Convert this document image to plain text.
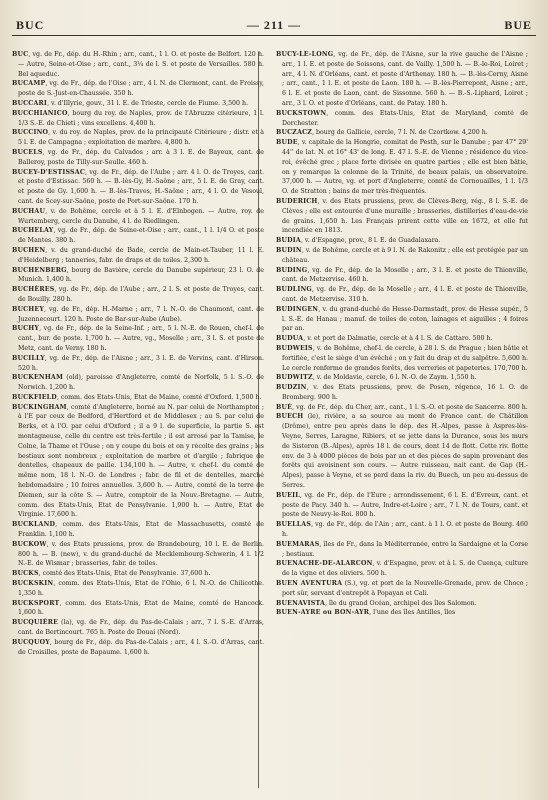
BUC	— 211 —	BUE

BUC, vg. de Fr., dép. du H.-Rhin ; arr., cant., 1 l. O. et poste de Belfort. 120 h. — Autre, Seine-et-Oise ; arr., cant., 3¼ de l. S. et poste de Versailles. 580 h. Bel aqueduc.

BUCAMP, vg. de Fr., dép. de l'Oise ; arr., 4 l. N. de Clermont, cant. de Froissy, poste de S.-Just-en-Chaussée. 350 h.

BUCCARI, v. d'Illyrie, gouv., 31 l. E. de Trieste, cercle de Fiume. 3,500 h.

BUCCHIANICO, bourg du roy. de Naples, prov. de l'Abruzze citérieure, 1 l. 1/3 S.-E. de Chieti ; vins excellens. 4,400 h.

BUCCINO, v. du roy. de Naples, prov. de la principauté Citérieure ; distr. et à 5 l. E. de Campagna ; exploitation de marbre. 4,800 h.

BUCELS, vg. de Fr., dép. du Calvados ; arr. à 3 l. E. de Bayeux, cant. de Balleroy, poste de Tilly-sur-Seulle. 460 h.

BUCEY-D'ESTISSAC, vg. de Fr., dép. de l'Aube ; arr. 4 l. O. de Troyes, cant. et poste d'Estissac. 560 h. — B.-lès-Gy, H.-Saône ; arr., 5 l. E. de Gray, cant. et poste de Gy. 1,600 h. — B.-lès-Traves, H.-Saône ; arr., 4 l. O. de Vesoul, cant. de Scey-sur-Saône, poste de Port-sur-Saône. 170 h.

BUCHAU, v. de Bohême, cercle et à 5 l. E. d'Elnbogen. — Autre, roy. de Wurtemberg, cercle du Danube, 4 l. de Riedlingen.

BUCHELAY, vg. de Fr., dép. de Seine-et-Oise ; arr., cant., 1 l. 1/4 O. et poste de Mantes. 380 h.

BUCHEN, v. du grand-duché de Bade, cercle de Main-et-Tauber, 11 l. E. d'Heidelberg ; tanneries, fabr. de draps et de toiles. 2,300 h.

BUCHENBERG, bourg de Bavière, cercle du Danube supérieur, 23 l. O. de Munich. 1,400 h.

BUCHÈRES, vg. de Fr., dép. de l'Aube ; arr., 2 l. S. et poste de Troyes, cant. de Bouilly. 280 h.

BUCHEY, vg. de Fr., dép. H.-Marne ; arr., 7 l. N.-O. de Chaumont, cant. de Juzennecourt. 120 h. Poste de Bar-sur-Aube (Aube).

BUCHY, vg. de Fr., dép. de la Seine-Inf. ; arr., 5 l. N.-E. de Rouen, chef-l. de cant., bur. de poste. 1,700 h. — Autre, vg., Moselle ; arr., 3 l. S. et poste de Metz, cant. de Verny. 180 h.

BUCILLY, vg. de Fr., dép. de l'Aisne ; arr., 3 l. E. de Vervins, cant. d'Hirson. 520 h.

BUCKENHAM (old), paroisse d'Angleterre, comté de Norfolk, 5 l. S.-O. de Norwich. 1,200 h.

BUCKFIELD, comm. des Etats-Unis, Etat de Maine, comté d'Oxford. 1,500 h.

BUCKINGHAM, comté d'Angleterre, borné au N. par celui de Northampton ; à l'E par ceux de Bedford, d'Hertford et de Middlesex ; au S. par celui de Berks, et à l'O. par celui d'Oxford ; il a 9 l. de superficie, la partie S. est montagneuse, celle du centre est très-fertile ; il est arrosé par la Tamise, le Colne, la Thame et l'Ouse ; on y coupe du bois et on y récolte des grains ; les bestiaux sont nombreux ; exploitation de marbre et d'argile ; fabrique de dentelles, chapeaux de paille. 134,100 h. — Autre, v. chef-l. du comté de même nom, 18 l. N.-O. de Londres ; fabr. de fil et de dentelles, marché hebdomadaire ; 10 foires annuelles. 3,600 h. — Autre, comté de la terre de Diemen, sur la côte S. — Autre, comptoir de la Nouv.-Bretagne. — Autre, comm. des Etats-Unis, Etat de Pensylvanie. 1,900 h. — Autre, Etat de Virginie. 17,600 h.

BUCKLAND, comm. des Etats-Unis, Etat de Massachusetts, comté de Franklin. 1,100 h.

BUCKOW, v. des Etats prussiens, prov. de Brandebourg, 10 l. E. de Berlin. 800 h. — B. (new), v. du grand-duché de Mecklembourg-Schwerin, 4 l. 1/2 N.-E. de Wismar ; brasseries, fabr. de toiles.

BUCKS, comté des Etats-Unis, Etat de Pensylvanie. 37,600 h.

BUCKSKIN, comm. des Etats-Unis, Etat de l'Ohio, 6 l. N.-O. de Chilicothe. 1,350 h.

BUCKSPORT, comm. des Etats-Unis, Etat de Maine, comté de Hancock. 1,600 h.

BUCQUIÈRE (la), vg. de Fr., dép. du Pas-de-Calais ; arr., 7 l. S.-E. d'Arras, cant. de Bertincourt. 765 h. Poste de Douai (Nord).

BUCQUOY, bourg de Fr., dép. du Pas-de-Calais ; arr., 4 l. S.-O. d'Arras, cant. de Croisilles, poste de Bapaume. 1,600 h.

BUCY-LE-LONG, vg. de Fr., dép. de l'Aisne, sur la rive gauche de l'Aisne ; arr., 1 l. E. et poste de Soissons, cant. de Vailly. 1,500 h. — B.-le-Roi, Loiret ; arr., 4 l. N. d'Orléans, cant. et poste d'Arthenay. 180 h. — B.-lès-Cerny, Aisne ; arr., cant., 1 l. E. et poste de Laon. 180 h. — B.-lès-Pierrepont, Aisne ; arr., 6 l. E. et poste de Laon, cant. de Sissonne. 560 h. — B.-S.-Liphard, Loiret ; arr., 3 l. O. et poste d'Orléans, cant. de Patay. 180 h.

BUCKSTOWN, comm. des Etats-Unis, Etat de Maryland, comté de Dorchester.

BUCZACZ, bourg de Gallicie, cercle, 7 l. N. de Czortkow. 4,200 h.

BUDE, v. capitale de la Hongrie, comitat de Pesth, sur le Danube ; par 47° 29' 44'' de lat. N. et 16° 43' de long. E. 47 l. S.-E. de Vienne ; résidence du vice-roi, évêché grec ; place forte divisée en quatre parties ; elle est bien bâtie, on y remarque la colonne de la Trinité, de beaux palais, un observatoire. 37,000 h. — Autre, vg. et port d'Angleterre, comté de Cornouailles, 1 l. 1/3 O. de Stratton ; bains de mer très-fréquentés.

BUDERICH, v. des Etats prussiens, prov. de Clèves-Berg, rég., 8 l. S.-E. de Clèves ; elle est entourée d'une muraille ; brasseries, distilleries d'eau-de-vie de grains. 1,650 h. Les Français prirent cette ville en 1672, et elle fut incendiée en 1813.

BUDIA, v. d'Espagne, prov., 8 l. E. de Guadalaxara.

BUDIN, v. de Bohême, cercle et à 9 l. N. de Rakonitz ; elle est protégée par un château.

BUDING, vg. de Fr., dép. de la Moselle ; arr., 3 l. E. et poste de Thionville, cant. de Metzervise. 460 h.

BUDLING, vg. de Fr., dép. de la Moselle ; arr., 4 l. E. et poste de Thionville, cant. de Metzervise. 310 h.

BUDINGEN, v. du grand-duché de Hesse-Darmstadt, prov. de Hesse supér., 5 l. S.-E. de Hanau ; manuf. de toiles de coton, lainages et aiguilles ; 4 foires par an.

BUDUA, v. et port de Dalmatie, cercle et à 4 l. S. de Cattaro. 500 h.

BUDWEIS, v. de Bohême, chef-l. de cercle, à 28 l. S. de Prague ; bien bâtie et fortifiée, c'est le siège d'un évêché ; on y fait du drap et du salpêtre. 5,600 h. Le cercle renferme de grandes forêts, des verreries et papeteries. 170,700 h.

BUDWITZ, v. de Moldavie, cercle, 6 l. N.-O. de Zaym. 1,550 h.

BUDZIN, v. des Etats prussiens, prov. de Posen, régence, 16 l. O. de Bromberg. 900 h.

BUÉ, vg. de Fr., dép. du Cher, arr., cant., 1 l. S.-O. et poste de Sancerre. 800 h.

BUECH (le), rivière, a sa source au mont de France cant. de Châtillon (Drôme), entre peu après dans le dép. des H.-Alpes, passe à Aspres-lès-Veyne, Serres, Laragne, Ribiers, et se jette dans la Durance, sous les murs de Sisteron (B.-Alpes), après 18 l. de cours, dont 14 de flott. Cette riv. flotte env. de 3 à 4000 pièces de bois par an et des pièces de sapin provenant des forêts qui avoisinent son cours. — Autre ruisseau, nait cant. de Gap (H.-Alpes), passe à Veyne, et se perd dans la riv. du Buech, un peu au-dessus de Serres.

BUEIL, vg. de Fr., dép. de l'Eure ; arrondissement, 6 l. E. d'Evreux, cant. et poste de Pacy. 340 h. — Autre, Indre-et-Loire ; arr., 7 l. N. de Tours, cant. et poste de Neuvy-le-Roi. 800 h.

BUELLAS, vg. de Fr., dép. de l'Ain ; arr., cant. à 1 l. O. et poste de Bourg. 460 h.

BUEMARAS, îles de Fr., dans la Méditerranée, entre la Sardaigne et la Corse ; bestiaux.

BUENACHE-DE-ALARCON, v. d'Espagne, prov. et à l. S. de Cuença, culture de la vigne et des oliviers. 500 h.

BUEN AVENTURA (S.), vg. et port de la Nouvelle-Grenade, prov. de Choco ; port sûr, servant d'entrepôt à Popayan et Cali.

BUENAVISTA, île du grand Océan, archipel des îles Salomon.

BUEN-AYRE ou BON-AYR, l'une des îles Antilles, îles
